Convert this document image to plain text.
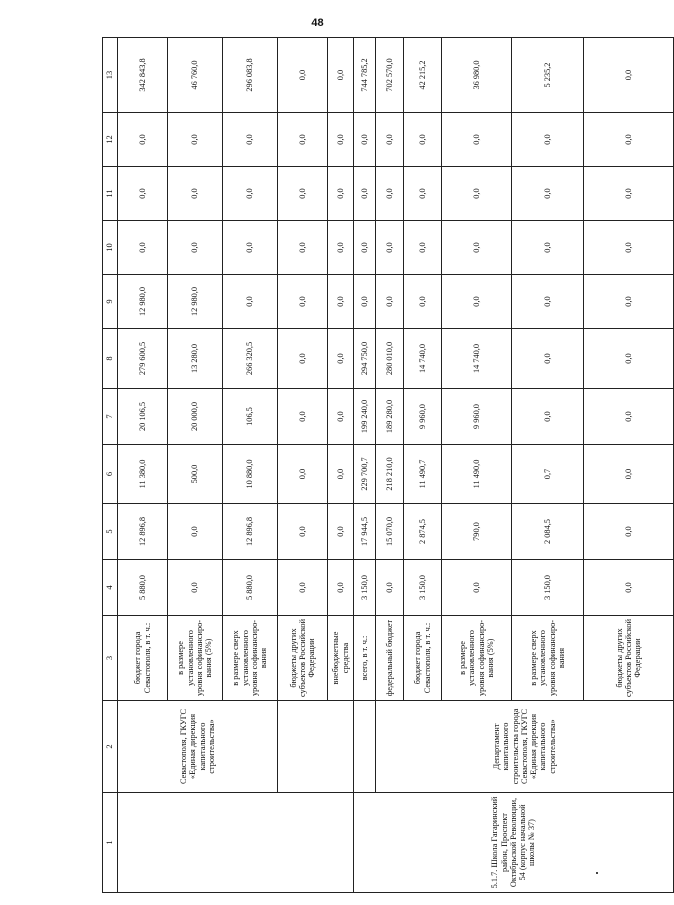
48
1	2	3	4	5	6	7	8	9	10	11	12	13
	Севастополя, ГКУГС «Единая дирекция капитального строительства»	бюджет города Севастополя, в т. ч.:	5 880,0	12 896,8	11 380,0	20 106,5	279 600,5	12 980,0	0,0	0,0	0,0	342 843,8
		в размере установленного уровня софинансиро-вания (5%)	0,0	0,0	500,0	20 000,0	13 280,0	12 980,0	0,0	0,0	0,0	46 760,0
		в размере сверх установленного уровня софинансиро-вания	5 880,0	12 896,8	10 880,0	106,5	266 320,5	0,0	0,0	0,0	0,0	296 083,8
		бюджеты других субъектов Российской Федерации	0,0	0,0	0,0	0,0	0,0	0,0	0,0	0,0	0,0	0,0
		внебюджетные средства	0,0	0,0	0,0	0,0	0,0	0,0	0,0	0,0	0,0	0,0
5.1.7. Школа Гагаринский район, Проспект Октябрьской Революции, 54 (корпус начальной школы № 37)		всего, в т. ч.:	3 150,0	17 944,5	229 700,7	199 240,0	294 750,0	0,0	0,0	0,0	0,0	744 785,2
	Департамент капитального строительства города Севастополя, ГКУГС «Единая дирекция капитального строительства»	федеральный бюджет	0,0	15 070,0	218 210,0	189 280,0	280 010,0	0,0	0,0	0,0	0,0	702 570,0
		бюджет города Севастополя, в т. ч.:	3 150,0	2 874,5	11 490,7	9 960,0	14 740,0	0,0	0,0	0,0	0,0	42 215,2
		в размере установленного уровня софинансиро-вания (5%)	0,0	790,0	11 490,0	9 960,0	14 740,0	0,0	0,0	0,0	0,0	36 980,0
		в размере сверх установленного уровня софинансиро-вания	3 150,0	2 084,5	0,7	0,0	0,0	0,0	0,0	0,0	0,0	5 235,2
		бюджеты других субъектов Российской Федерации	0,0	0,0	0,0	0,0	0,0	0,0	0,0	0,0	0,0	0,0
